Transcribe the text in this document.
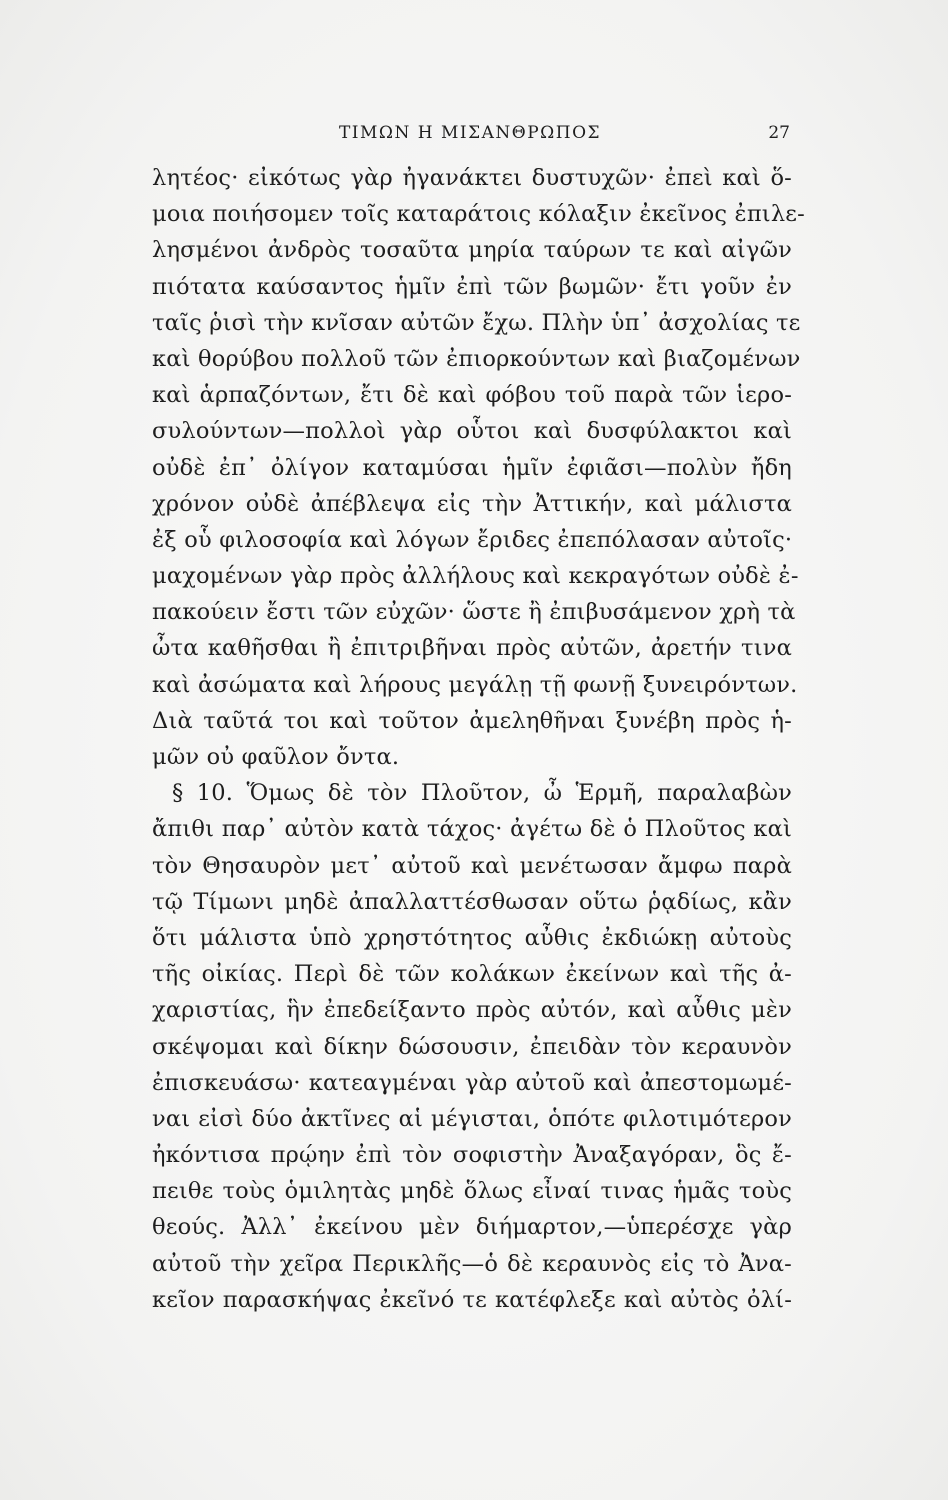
ΤΙΜΩΝ Η ΜΙΣΑΝΘΡΩΠΟΣ	27
λητέος· εἰκότως γὰρ ἠγανάκτει δυστυχῶν· ἐπεὶ καὶ ὅ-
μοια ποιήσομεν τοῖς καταράτοις κόλαξιν ἐκεῖνος ἐπιλε-
λησμένοι ἀνδρὸς τοσαῦτα μηρία ταύρων τε καὶ αἰγῶν
πιότατα καύσαντος ἡμῖν ἐπὶ τῶν βωμῶν· ἔτι γοῦν ἐν
ταῖς ῥισὶ τὴν κνῖσαν αὐτῶν ἔχω. Πλὴν ὑπ᾽ ἀσχολίας τε
καὶ θορύβου πολλοῦ τῶν ἐπιορκούντων καὶ βιαζομένων
καὶ ἁρπαζόντων, ἔτι δὲ καὶ φόβου τοῦ παρὰ τῶν ἱερο-
συλούντων—πολλοὶ γὰρ οὗτοι καὶ δυσφύλακτοι καὶ
οὐδὲ ἐπ᾽ ὀλίγον καταμύσαι ἡμῖν ἐφιᾶσι—πολὺν ἤδη
χρόνον οὐδὲ ἀπέβλεψα εἰς τὴν Ἀττικήν, καὶ μάλιστα
ἐξ οὗ φιλοσοφία καὶ λόγων ἔριδες ἐπεπόλασαν αὐτοῖς·
μαχομένων γὰρ πρὸς ἀλλήλους καὶ κεκραγότων οὐδὲ ἐ-
πακούειν ἔστι τῶν εὐχῶν· ὥστε ἢ ἐπιβυσάμενον χρὴ τὰ
ὦτα καθῆσθαι ἢ ἐπιτριβῆναι πρὸς αὐτῶν, ἀρετήν τινα
καὶ ἀσώματα καὶ λήρους μεγάλῃ τῇ φωνῇ ξυνειρόντων.
Διὰ ταῦτά τοι καὶ τοῦτον ἀμεληθῆναι ξυνέβη πρὸς ἡ-
μῶν οὐ φαῦλον ὄντα.
§ 10. Ὅμως δὲ τὸν Πλοῦτον, ὦ Ἑρμῆ, παραλαβὼν
ἄπιθι παρ᾽ αὐτὸν κατὰ τάχος· ἀγέτω δὲ ὁ Πλοῦτος καὶ
τὸν Θησαυρὸν μετ᾽ αὐτοῦ καὶ μενέτωσαν ἄμφω παρὰ
τῷ Τίμωνι μηδὲ ἀπαλλαττέσθωσαν οὕτω ῥᾳδίως, κἂν
ὅτι μάλιστα ὑπὸ χρηστότητος αὖθις ἐκδιώκῃ αὐτοὺς
τῆς οἰκίας. Περὶ δὲ τῶν κολάκων ἐκείνων καὶ τῆς ἀ-
χαριστίας, ἣν ἐπεδείξαντο πρὸς αὐτόν, καὶ αὖθις μὲν
σκέψομαι καὶ δίκην δώσουσιν, ἐπειδὰν τὸν κεραυνὸν
ἐπισκευάσω· κατεαγμέναι γὰρ αὐτοῦ καὶ ἀπεστομωμέ-
ναι εἰσὶ δύο ἀκτῖνες αἱ μέγισται, ὁπότε φιλοτιμότερον
ἠκόντισα πρῴην ἐπὶ τὸν σοφιστὴν Ἀναξαγόραν, ὃς ἔ-
πειθε τοὺς ὁμιλητὰς μηδὲ ὅλως εἶναί τινας ἡμᾶς τοὺς
θεούς. Ἀλλ᾽ ἐκείνου μὲν διήμαρτον,—ὑπερέσχε γὰρ
αὐτοῦ τὴν χεῖρα Περικλῆς—ὁ δὲ κεραυνὸς εἰς τὸ Ἀνα-
κεῖον παρασκήψας ἐκεῖνό τε κατέφλεξε καὶ αὐτὸς ὀλί-
